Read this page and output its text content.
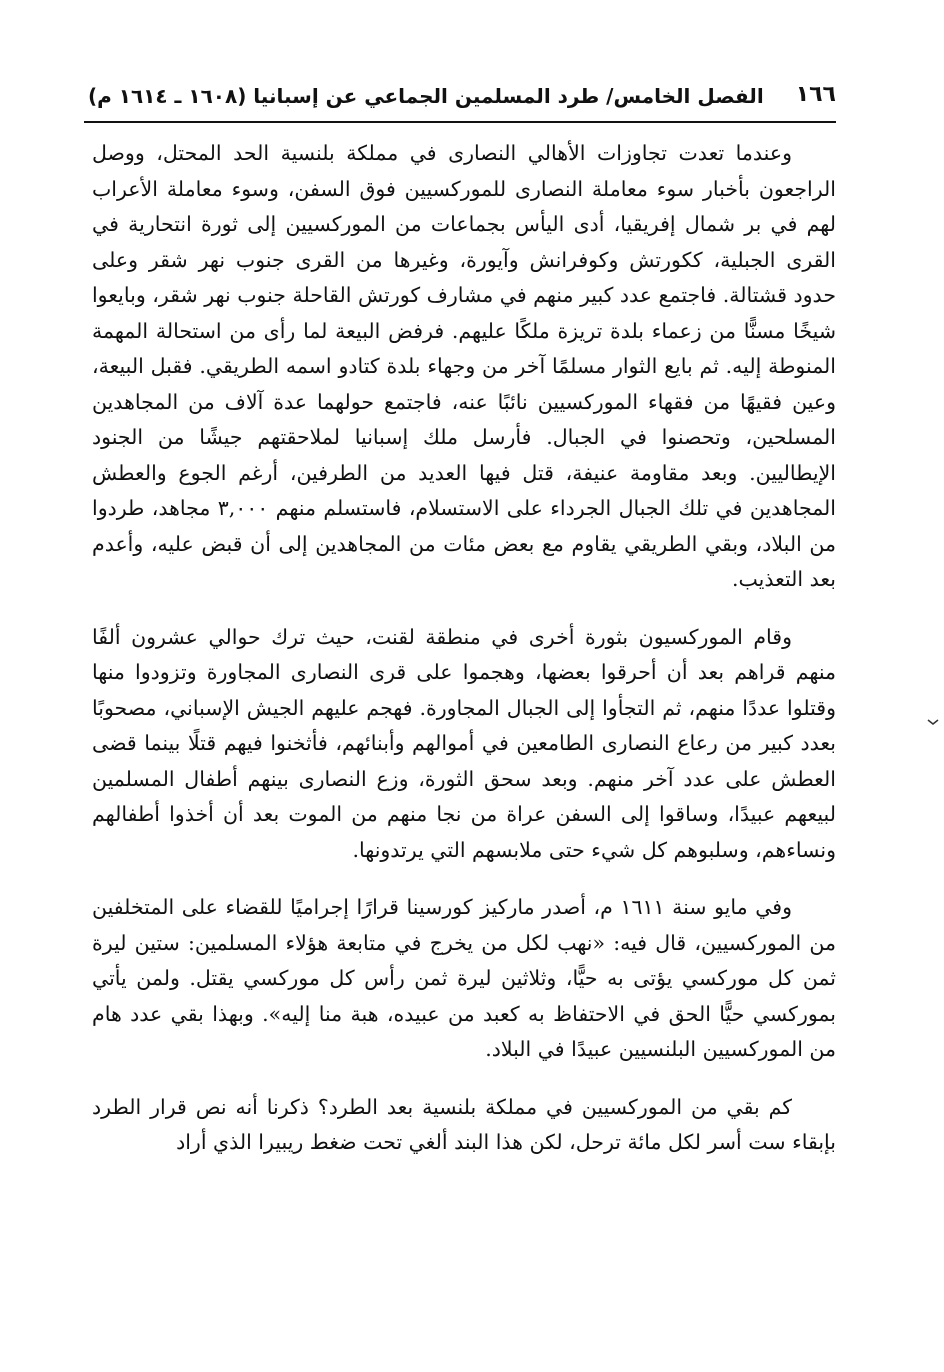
١٦٦
الفصل الخامس/ طرد المسلمين الجماعي عن إسبانيا (١٦٠٨ ـ ١٦١٤ م)

وعندما تعدت تجاوزات الأهالي النصارى في مملكة بلنسية الحد المحتل، ووصل الراجعون بأخبار سوء معاملة النصارى للموركسيين فوق السفن، وسوء معاملة الأعراب لهم في بر شمال إفريقيا، أدى اليأس بجماعات من الموركسيين إلى ثورة انتحارية في القرى الجبلية، ككورتش وكوفرانش وآيورة، وغيرها من القرى جنوب نهر شقر وعلى حدود قشتالة. فاجتمع عدد كبير منهم في مشارف كورتش القاحلة جنوب نهر شقر، وبايعوا شيخًا مسنًّا من زعماء بلدة تريزة ملكًا عليهم. فرفض البيعة لما رأى من استحالة المهمة المنوطة إليه. ثم بايع الثوار مسلمًا آخر من وجهاء بلدة كتادو اسمه الطريقي. فقبل البيعة، وعين فقيهًا من فقهاء الموركسيين نائبًا عنه، فاجتمع حولهما عدة آلاف من المجاهدين المسلحين، وتحصنوا في الجبال. فأرسل ملك إسبانيا لملاحقتهم جيشًا من الجنود الإيطاليين. وبعد مقاومة عنيفة، قتل فيها العديد من الطرفين، أرغم الجوع والعطش المجاهدين في تلك الجبال الجرداء على الاستسلام، فاستسلم منهم ٣,٠٠٠ مجاهد، طردوا من البلاد، وبقي الطريقي يقاوم مع بعض مئات من المجاهدين إلى أن قبض عليه، وأعدم بعد التعذيب.

وقام الموركسيون بثورة أخرى في منطقة لقنت، حيث ترك حوالي عشرون ألفًا منهم قراهم بعد أن أحرقوا بعضها، وهجموا على قرى النصارى المجاورة وتزودوا منها وقتلوا عددًا منهم، ثم التجأوا إلى الجبال المجاورة. فهجم عليهم الجيش الإسباني، مصحوبًا بعدد كبير من رعاع النصارى الطامعين في أموالهم وأبنائهم، فأثخنوا فيهم قتلًا بينما قضى العطش على عدد آخر منهم. وبعد سحق الثورة، وزع النصارى بينهم أطفال المسلمين لبيعهم عبيدًا، وساقوا إلى السفن عراة من نجا منهم من الموت بعد أن أخذوا أطفالهم ونساءهم، وسلبوهم كل شيء حتى ملابسهم التي يرتدونها.

وفي مايو سنة ١٦١١ م، أصدر ماركيز كورسينا قرارًا إجراميًا للقضاء على المتخلفين من الموركسيين، قال فيه: «نهب لكل من يخرج في متابعة هؤلاء المسلمين: ستين ليرة ثمن كل موركسي يؤتى به حيًّا، وثلاثين ليرة ثمن رأس كل موركسي يقتل. ولمن يأتي بموركسي حيًّا الحق في الاحتفاظ به كعبد من عبيده، هبة منا إليه». وبهذا بقي عدد هام من الموركسيين البلنسيين عبيدًا في البلاد.

كم بقي من الموركسيين في مملكة بلنسية بعد الطرد؟ ذكرنا أنه نص قرار الطرد بإبقاء ست أسر لكل مائة ترحل، لكن هذا البند ألغي تحت ضغط ريبيرا الذي أراد
